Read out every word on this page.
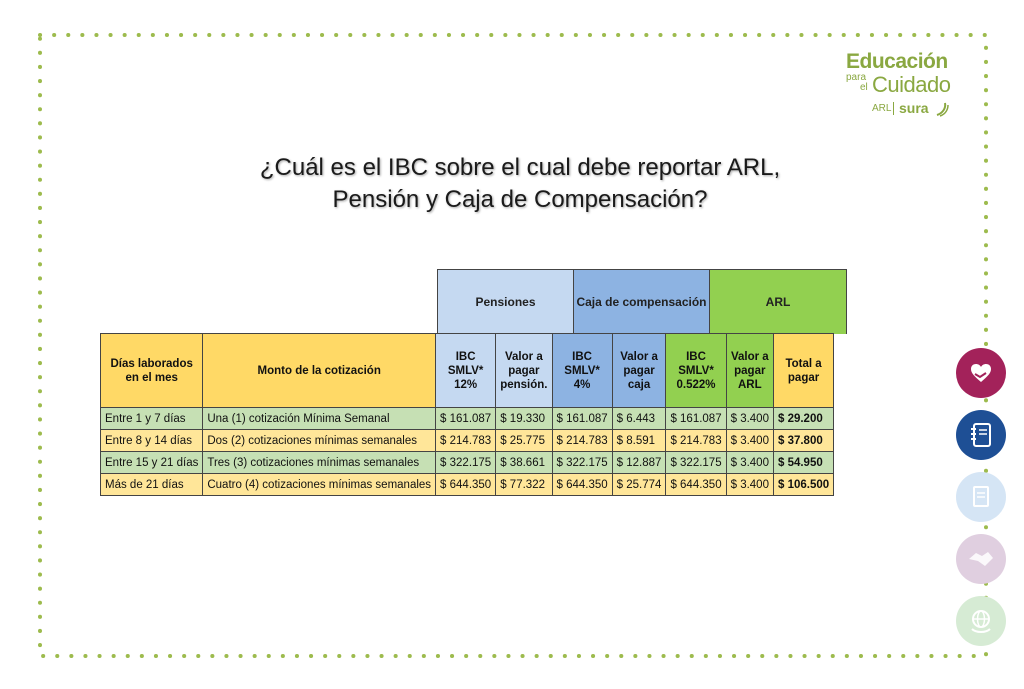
Educación
para
el Cuidado
ARL sura
¿Cuál es el IBC sobre el cual debe reportar ARL,
Pensión y Caja de Compensación?
Pensiones	Caja de compensación	ARL
Días laborados en el mes	Monto de la cotización	IBC SMLV* 12%	Valor a pagar pensión.	IBC SMLV* 4%	Valor a pagar caja	IBC SMLV* 0.522%	Valor a pagar ARL	Total a pagar
Entre 1 y 7 días	Una (1) cotización Mínima Semanal	$ 161.087	$ 19.330	$ 161.087	$ 6.443	$ 161.087	$ 3.400	$ 29.200
Entre 8 y 14 días	Dos (2) cotizaciones mínimas semanales	$ 214.783	$ 25.775	$ 214.783	$ 8.591	$ 214.783	$ 3.400	$ 37.800
Entre 15 y 21 días	Tres (3) cotizaciones mínimas semanales	$ 322.175	$ 38.661	$ 322.175	$ 12.887	$ 322.175	$ 3.400	$ 54.950
Más de 21 días	Cuatro (4) cotizaciones mínimas semanales	$ 644.350	$ 77.322	$ 644.350	$ 25.774	$ 644.350	$ 3.400	$ 106.500
